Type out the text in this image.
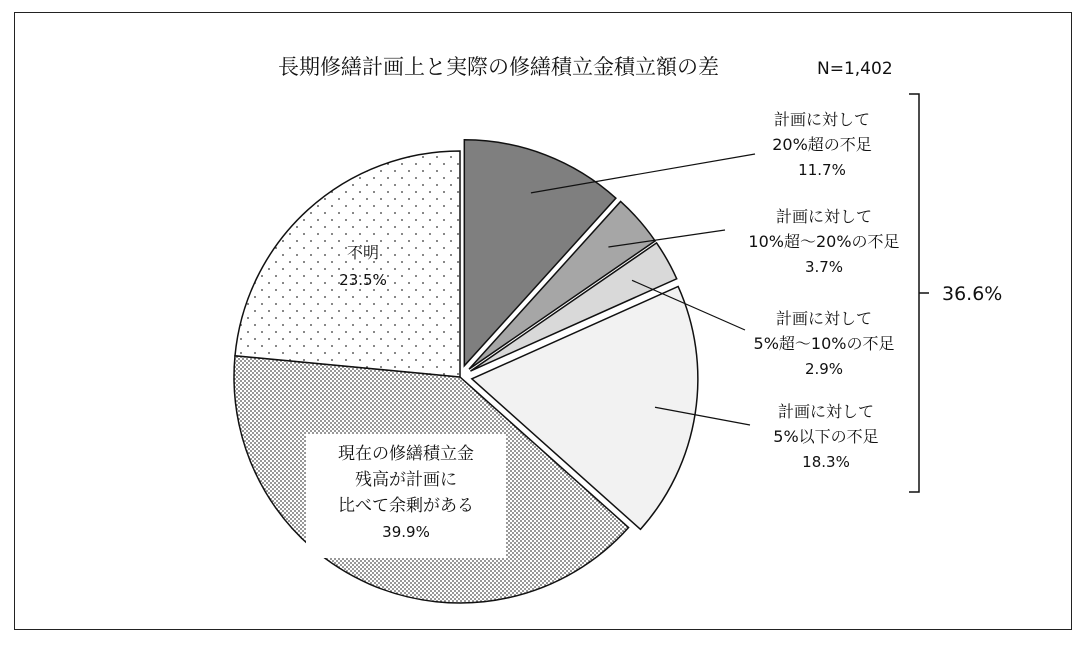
長期修繕計画上と実際の修繕積立金積立額の差	N=1,402
計画に対して
20%超の不足
11.7%
計画に対して
10%超～20%の不足
3.7%
計画に対して
5%超～10%の不足
2.9%
計画に対して
5%以下の不足
18.3%
現在の修繕積立金
残高が計画に
比べて余剰がある
39.9%
不明
23.5%
36.6%
